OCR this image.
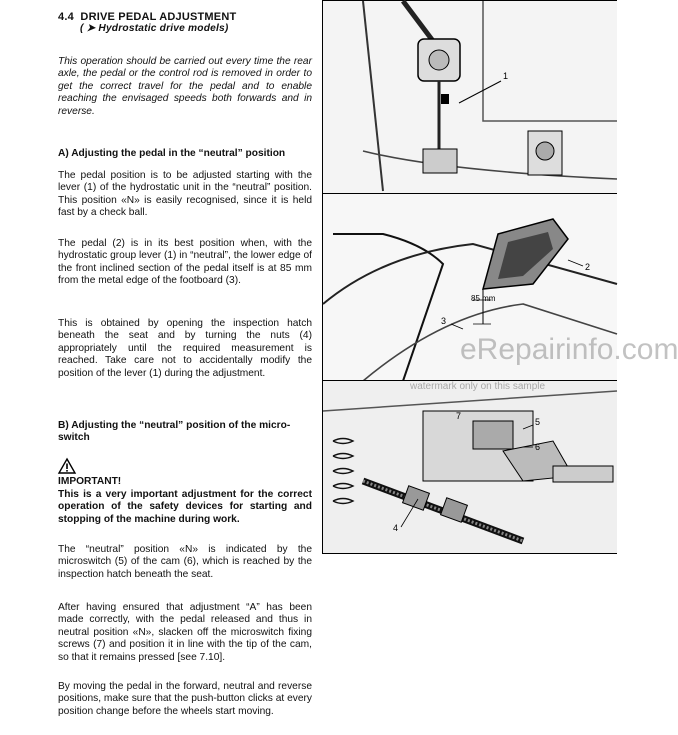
4.4 DRIVE PEDAL ADJUSTMENT
( ➤ Hydrostatic drive models)
This operation should be carried out every time the rear axle, the pedal or the control rod is removed in order to get the correct travel for the pedal and to enable reaching the envisaged speeds both forwards and in reverse.
A) Adjusting the pedal in the “neutral” position
The pedal position is to be adjusted starting with the lever (1) of the hydrostatic unit in the “neutral” position. This position «N» is easily recognised, since it is held fast by a check ball.
The pedal (2) is in its best position when, with the hydrostatic group lever (1) in “neutral”, the lower edge of the front inclined section of the pedal itself is at 85 mm from the metal edge of the footboard (3).
This is obtained by opening the inspection hatch beneath the seat and by turning the nuts (4) appropriately until the required measurement is reached. Take care not to accidentally modify the position of the lever (1) during the adjustment.
B) Adjusting the “neutral” position of the micro-switch
IMPORTANT!
This is a very important adjustment for the correct operation of the safety devices for starting and stopping of the machine during work.
The “neutral” position «N» is indicated by the microswitch (5) of the cam (6), which is reached by the inspection hatch beneath the seat.
After having ensured that adjustment “A” has been made correctly, with the pedal released and thus in neutral position «N», slacken off the microswitch fixing screws (7) and position it in line with the tip of the cam, so that it remains pressed [see 7.10].
By moving the pedal in the forward, neutral and reverse positions, make sure that the push-button clicks at every position change before the wheels start moving.
1
85 mm
2
3
7
5
6
4
eRepairinfo.com
watermark only on this sample
